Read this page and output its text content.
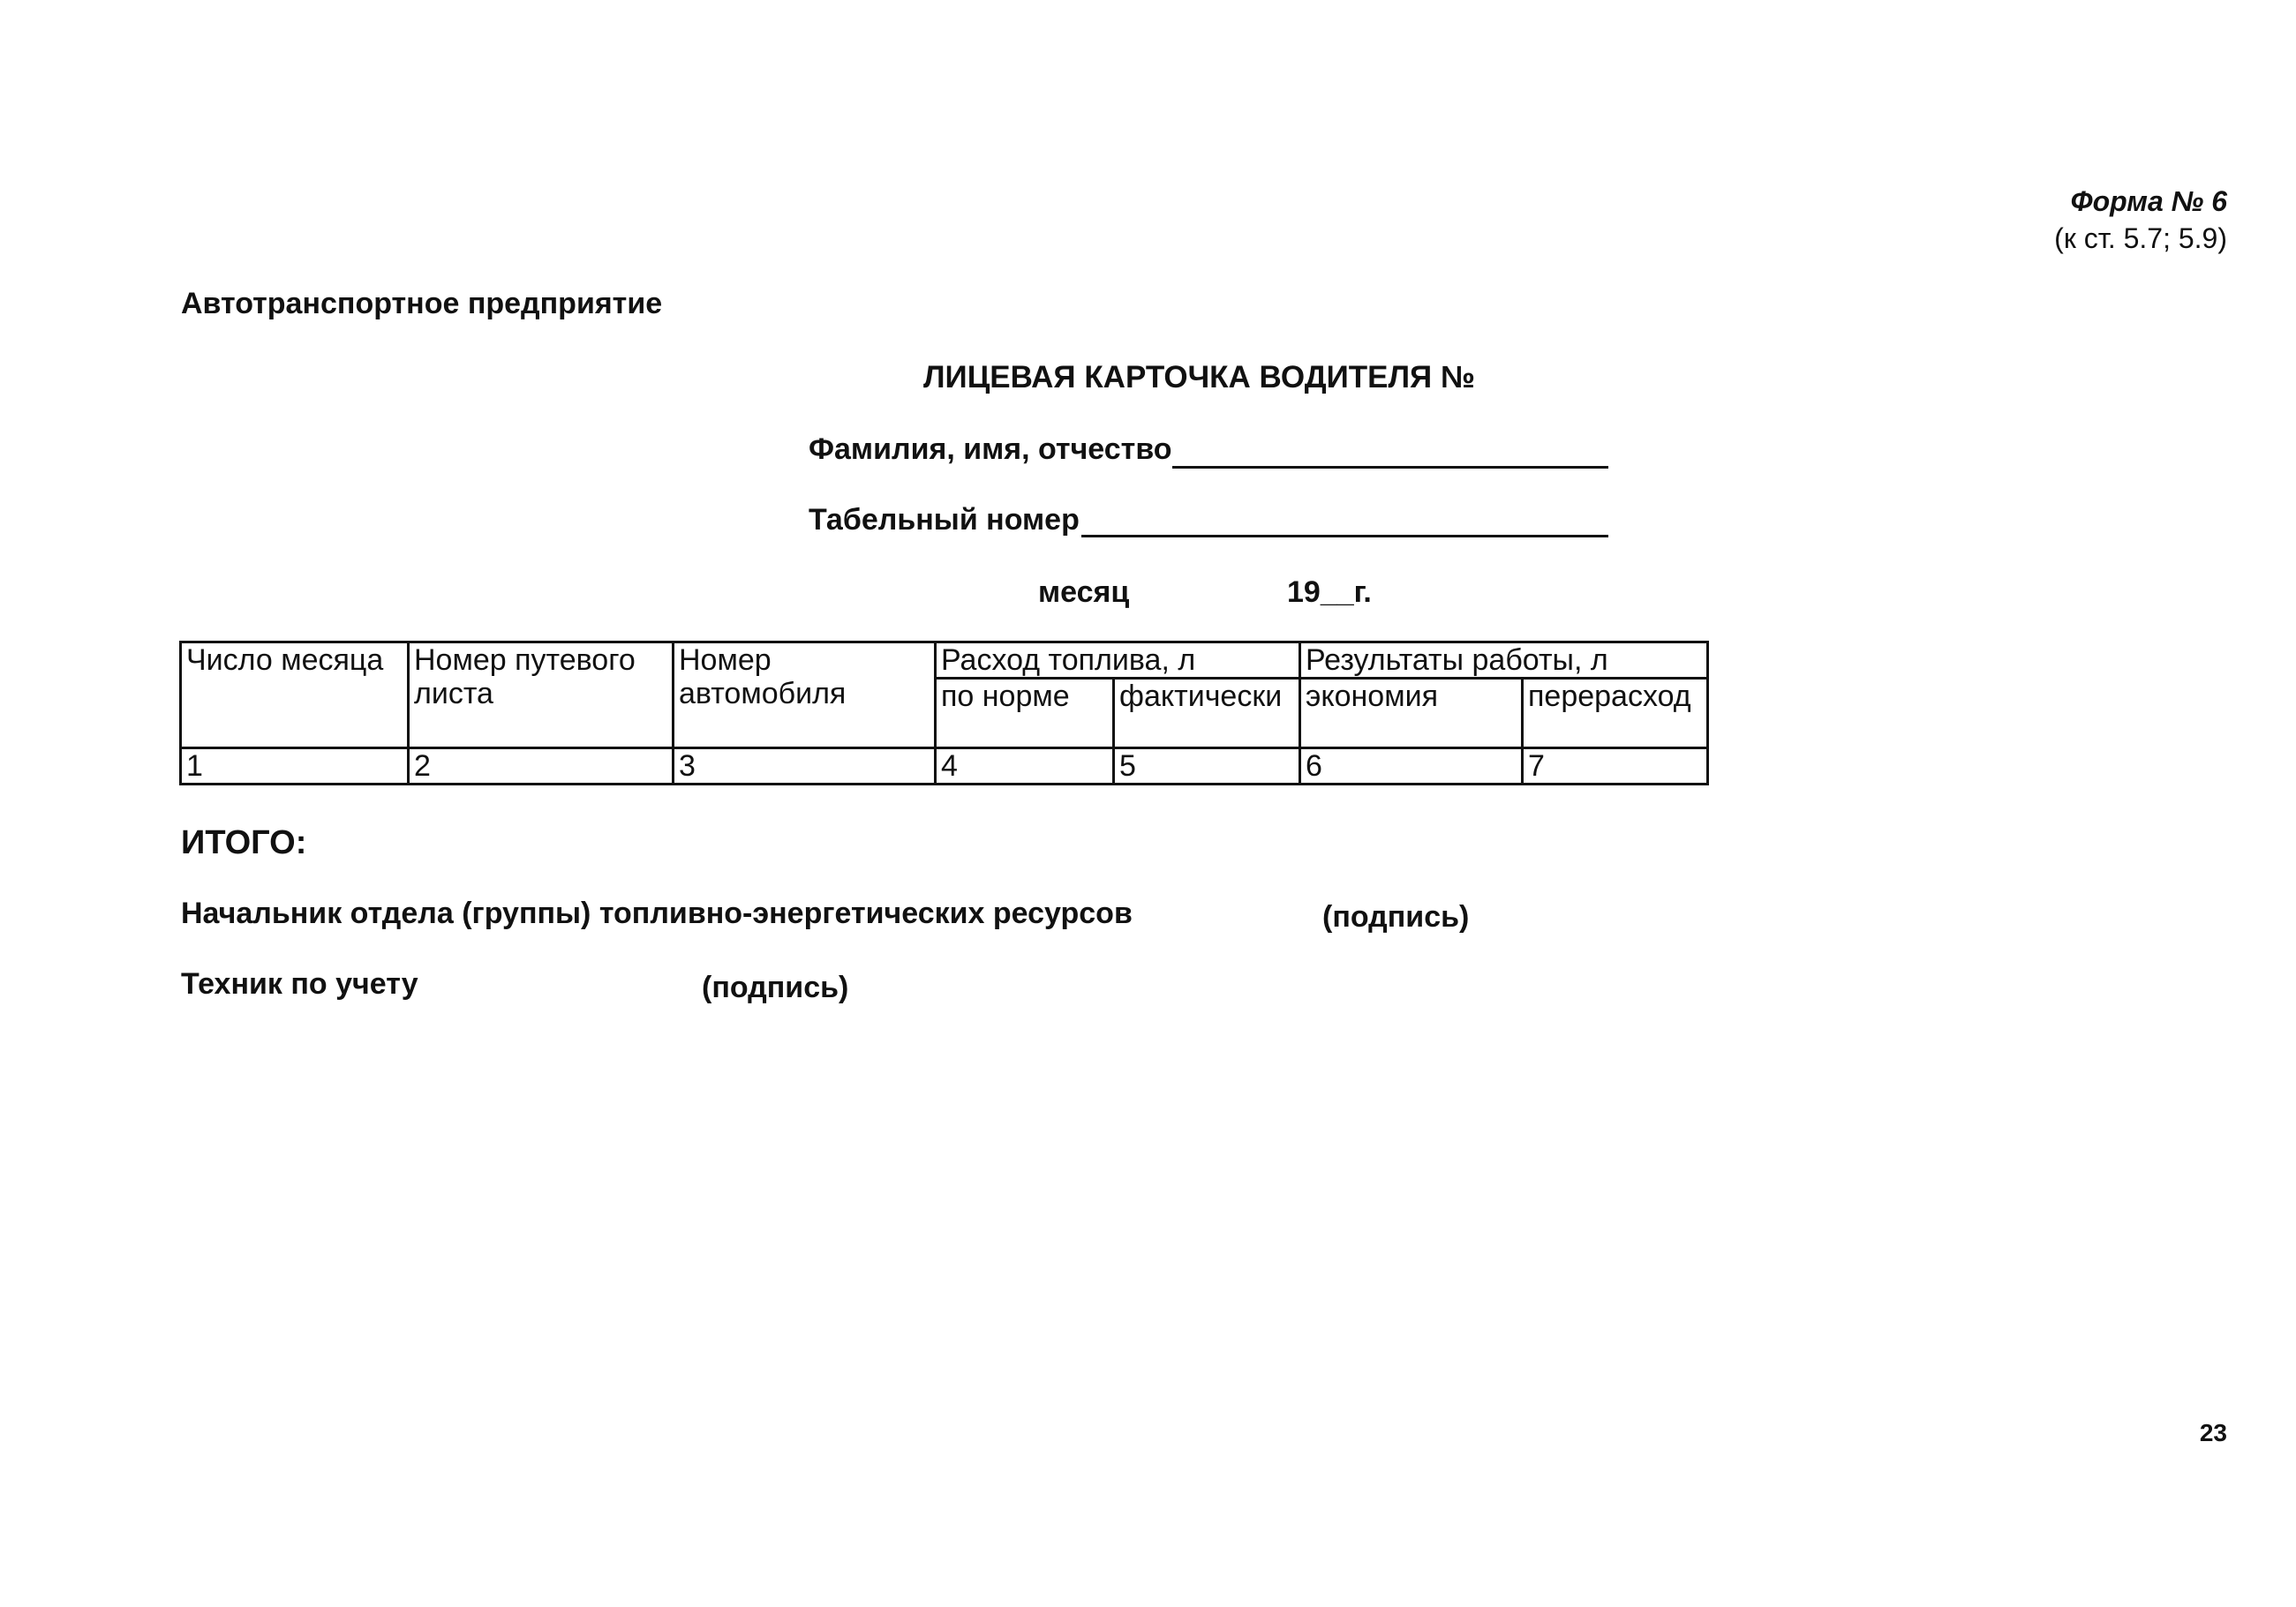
Форма № 6
(к ст. 5.7; 5.9)
Автотранспортное предприятие
ЛИЦЕВАЯ КАРТОЧКА ВОДИТЕЛЯ №
Фамилия, имя, отчество
Табельный номер
месяц	19__г.
Число месяца	Номер путевого листа	Номер автомобиля	Расход топлива, л		Результаты работы, л	
			по норме	фактически	экономия	перерасход
1	2	3	4	5	6	7
ИТОГО:
Начальник отдела (группы) топливно-энергетических ресурсов	(подпись)
Техник по учету	(подпись)
23
